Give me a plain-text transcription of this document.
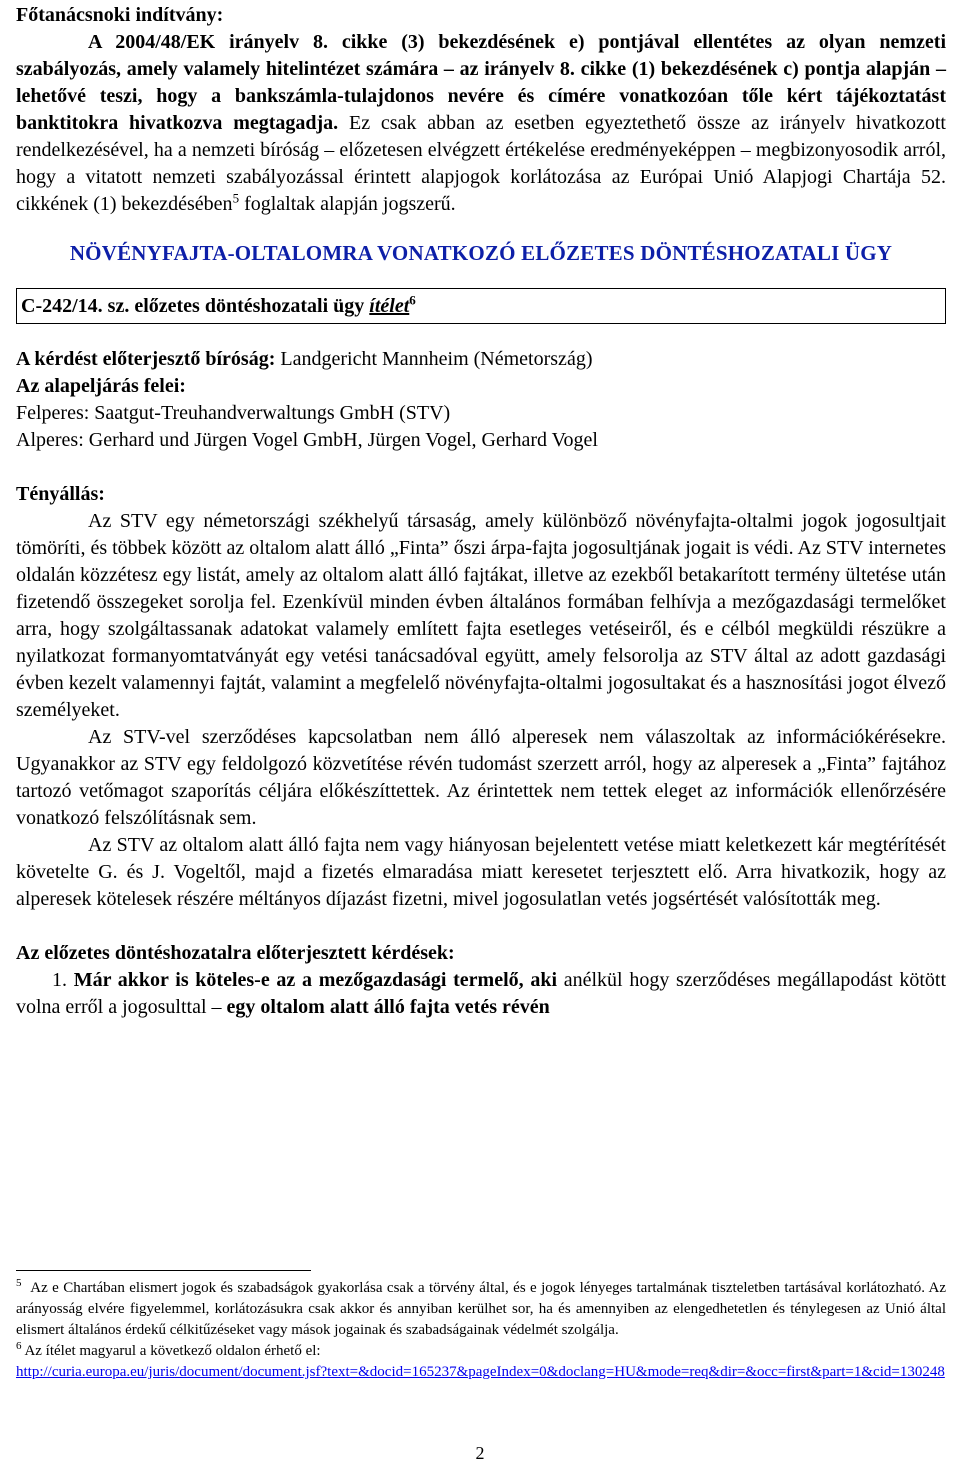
Főtanácsnoki indítvány:

A 2004/48/EK irányelv 8. cikke (3) bekezdésének e) pontjával ellentétes az olyan nemzeti szabályozás, amely valamely hitelintézet számára – az irányelv 8. cikke (1) bekezdésének c) pontja alapján – lehetővé teszi, hogy a bankszámla-tulajdonos nevére és címére vonatkozóan tőle kért tájékoztatást banktitokra hivatkozva megtagadja. Ez csak abban az esetben egyeztethető össze az irányelv hivatkozott rendelkezésével, ha a nemzeti bíróság – előzetesen elvégzett értékelése eredményeképpen – megbizonyosodik arról, hogy a vitatott nemzeti szabályozással érintett alapjogok korlátozása az Európai Unió Alapjogi Chartája 52. cikkének (1) bekezdésében$^5$ foglaltak alapján jogszerű.

NÖVÉNYFAJTA-OLTALOMRA VONATKOZÓ ELŐZETES DÖNTÉSHOZATALI ÜGY
C-242/14. sz. előzetes döntéshozatali ügy ítélet$^6$

A kérdést előterjesztő bíróság: Landgericht Mannheim (Németország)

Az alapeljárás felei:

Felperes: Saatgut-Treuhandverwaltungs GmbH (STV)

Alperes: Gerhard und Jürgen Vogel GmbH, Jürgen Vogel, Gerhard Vogel

Tényállás:

Az STV egy németországi székhelyű társaság, amely különböző növényfajta-oltalmi jogok jogosultjait tömöríti, és többek között az oltalom alatt álló „Finta” őszi árpa-fajta jogosultjának jogait is védi. Az STV internetes oldalán közzétesz egy listát, amely az oltalom alatt álló fajtákat, illetve az ezekből betakarított termény ültetése után fizetendő összegeket sorolja fel. Ezenkívül minden évben általános formában felhívja a mezőgazdasági termelőket arra, hogy szolgáltassanak adatokat valamely említett fajta esetleges vetéseiről, és e célból megküldi részükre a nyilatkozat formanyomtatványát egy vetési tanácsadóval együtt, amely felsorolja az STV által az adott gazdasági évben kezelt valamennyi fajtát, valamint a megfelelő növényfajta-oltalmi jogosultakat és a hasznosítási jogot élvező személyeket.

Az STV-vel szerződéses kapcsolatban nem álló alperesek nem válaszoltak az információkérésekre. Ugyanakkor az STV egy feldolgozó közvetítése révén tudomást szerzett arról, hogy az alperesek a „Finta” fajtához tartozó vetőmagot szaporítás céljára előkészíttettek. Az érintettek nem tettek eleget az információk ellenőrzésére vonatkozó felszólításnak sem.

Az STV az oltalom alatt álló fajta nem vagy hiányosan bejelentett vetése miatt keletkezett kár megtérítését követelte G. és J. Vogeltől, majd a fizetés elmaradása miatt keresetet terjesztett elő. Arra hivatkozik, hogy az alperesek kötelesek részére méltányos díjazást fizetni, mivel jogosulatlan vetés jogsértését valósították meg.

Az előzetes döntéshozatalra előterjesztett kérdések:

1. Már akkor is köteles-e az a mezőgazdasági termelő, aki anélkül hogy szerződéses megállapodást kötött volna erről a jogosulttal – egy oltalom alatt álló fajta vetés révén

$^5$ Az e Chartában elismert jogok és szabadságok gyakorlása csak a törvény által, és e jogok lényeges tartalmának tiszteletben tartásával korlátozható. Az arányosság elvére figyelemmel, korlátozásukra csak akkor és annyiban kerülhet sor, ha és amennyiben az elengedhetetlen és ténylegesen az Unió által elismert általános érdekű célkitűzéseket vagy mások jogainak és szabadságainak védelmét szolgálja.

$^6$ Az ítélet magyarul a következő oldalon érhető el:

http://curia.europa.eu/juris/document/document.jsf?text=&docid=165237&pageIndex=0&doclang=HU&mode=req&dir=&occ=first&part=1&cid=130248

2
